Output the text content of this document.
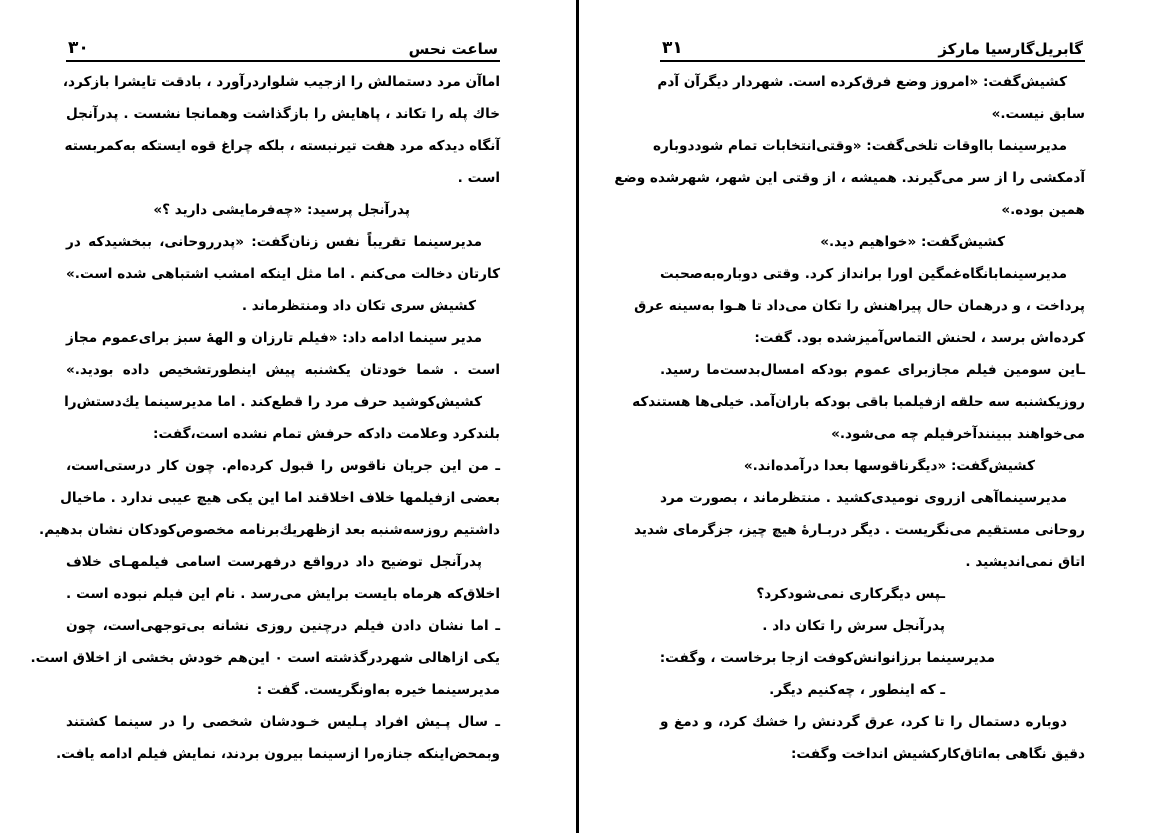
ساعت نحس
۳۰
اماآن مرد دستمالش را ازجیب شلواردرآورد ، بادقت تایشرا بازکرد،
خاك پله را تکاند ، پاهایش را بازگذاشت وهمانجا نشست . پدرآنجل
آنگاه دیدکه مرد هفت تیرنبسته ، بلکه چراغ قوه ایستکه به‌کمربسته
است .
پدرآنجل پرسید: «چه‌فرمایشی دارید ؟»
مدیرسینما تقریباً نفس زنان‌گفت: «پدرروحانی، ببخشیدکه در
کارتان دخالت می‌کنم . اما مثل اینکه امشب اشتباهی شده است.»
کشیش سری تکان داد ومنتظرماند .
مدیر سینما ادامه داد: «فیلم تارزان و الهۀ سبز برای‌عموم مجاز
است . شما خودتان یکشنبه پیش اینطورتشخیص داده بودید.»
کشیش‌کوشید حرف مرد را قطع‌کند . اما مدیرسینما یك‌دستش‌را
بلندکرد وعلامت دادکه حرفش تمام نشده است،گفت:
ـ من این جریان ناقوس را قبول کردەام. چون کار درستی‌است،
بعضی ازفیلمها خلاف اخلاقند اما این یکی هیچ عیبی ندارد . ماخیال
داشتیم روزسه‌شنبه بعد ازظهریك‌برنامه مخصوص‌کودکان نشان بدهیم.
پدرآنجل توضیح داد درواقع درفهرست اسامی فیلمهـای خلاف
اخلاق‌که هرماه بایست برایش می‌رسد . نام این فیلم نبوده است .
ـ اما نشان دادن فیلم درچنین روزی نشانه بی‌توجهی‌است، چون
یکی ازاهالی شهردرگذشته است ۰ این‌هم خودش بخشی از اخلاق است.
مدیرسینما خیره به‌اونگریست. گفت :
ـ سال پـیش افراد پـلیس خـودشان شخصی را در سینما کشتند
وبمحض‌اینکه جنازه‌را ازسینما بیرون بردند، نمایش فیلم ادامه یافت.
گابریل‌گارسیا مارکز
۳۱
کشیش‌گفت: «امروز وضع فرق‌کرده است. شهردار دیگرآن آدم
سابق نیست.»
مدیرسینما بااوقات تلخی‌گفت: «وقتی‌انتخابات تمام شوددوباره
آدمکشی را از سر می‌گیرند. همیشه ، از وقتی این شهر، شهرشده وضع
همین بوده.»
کشیش‌گفت: «خواهیم دید.»
مدیرسینمابانگاه‌غمگین اورا برانداز کرد. وقتی دوباره‌به‌صحبت
پرداخت ، و درهمان حال پیراهنش را تکان می‌داد تا هـوا به‌سینه عرق
کرده‌اش برسد ، لحنش التماس‌آمیزشده بود. گفت:
ـاین سومین فیلم مجازبرای عموم بودکه امسال‌بدست‌ما رسید.
روزیکشنبه سه حلقه ازفیلمبا باقی بودکه باران‌آمد. خیلی‌ها هستندکه
می‌خواهند ببینندآخرفیلم چه می‌شود.»
کشیش‌گفت: «دیگرناقوسها بعدا درآمده‌اند.»
مدیرسینماآهی ازروی نومیدی‌کشید . منتظرماند ، بصورت مرد
روحانی مستقیم می‌نگریست . دیگر دربـارۀ هیچ چیز، جزگرمای شدید
اتاق نمی‌اندیشید .
ـپس دیگرکاری نمی‌شودکرد؟
پدرآنجل سرش را تکان داد .
مدیرسینما برزانوانش‌کوفت ازجا برخاست ، وگفت:
ـ که اینطور ، چه‌کنیم دیگر.
دوباره دستمال را تا کرد، عرق گردنش را خشك کرد، و دمغ و
دقیق نگاهی به‌اتاق‌کارکشیش انداخت وگفت:
